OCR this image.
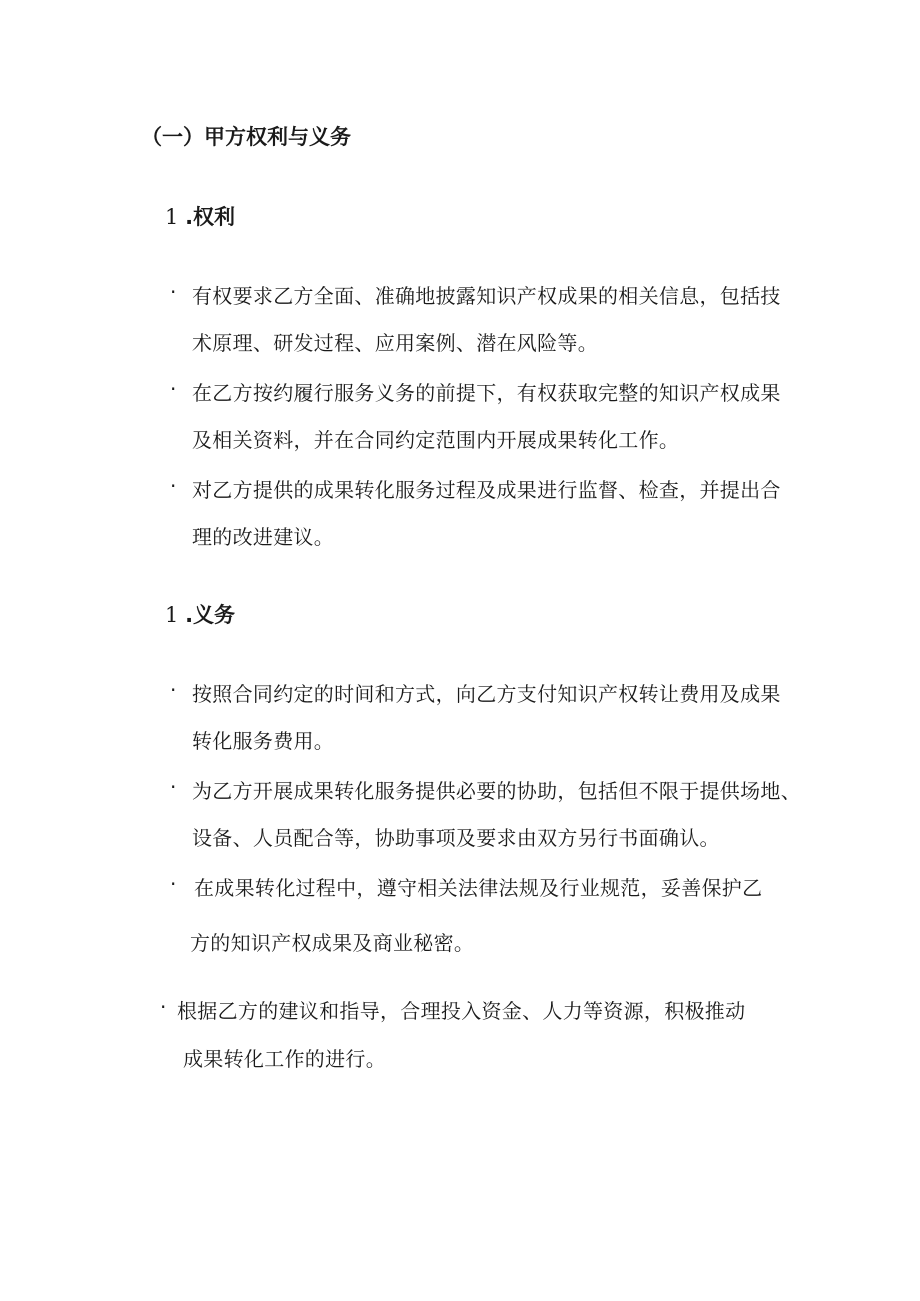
（一）甲方权利与义务
1 .权利
· 有权要求乙方全面、准确地披露知识产权成果的相关信息，包括技
术原理、研发过程、应用案例、潜在风险等。
· 在乙方按约履行服务义务的前提下，有权获取完整的知识产权成果
及相关资料，并在合同约定范围内开展成果转化工作。
· 对乙方提供的成果转化服务过程及成果进行监督、检查，并提出合
理的改进建议。
1 .义务
· 按照合同约定的时间和方式，向乙方支付知识产权转让费用及成果
转化服务费用。
· 为乙方开展成果转化服务提供必要的协助，包括但不限于提供场地、
设备、人员配合等，协助事项及要求由双方另行书面确认。
· 在成果转化过程中，遵守相关法律法规及行业规范，妥善保护乙
方的知识产权成果及商业秘密。
· 根据乙方的建议和指导，合理投入资金、人力等资源，积极推动
成果转化工作的进行。
